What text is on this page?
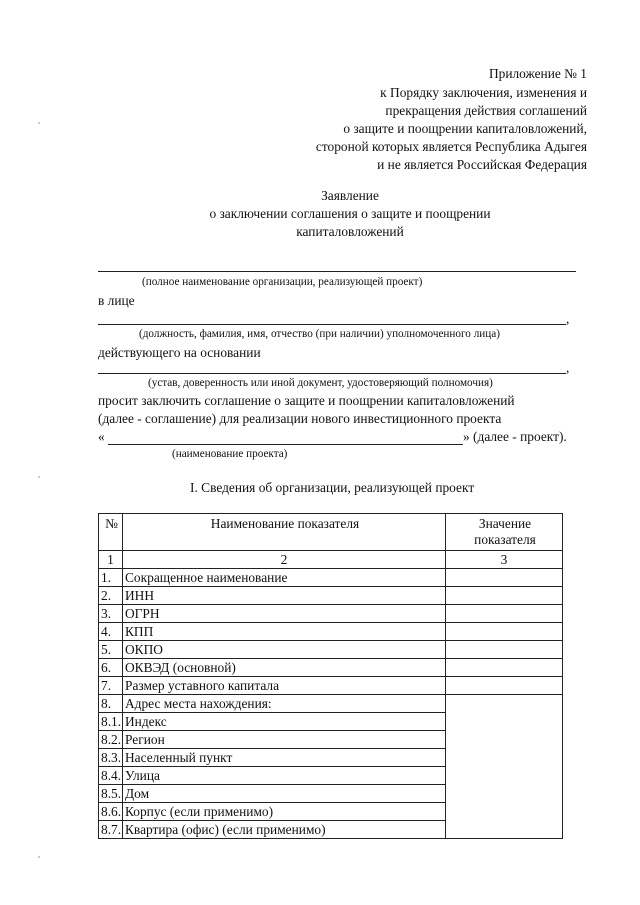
Приложение № 1
к Порядку заключения, изменения и
прекращения действия соглашений
о защите и поощрении капиталовложений,
стороной которых является Республика Адыгея
и не является Российская Федерация
Заявление
о заключении соглашения о защите и поощрении
капиталовложений
(полное наименование организации, реализующей проект)
в лице
,
(должность, фамилия, имя, отчество (при наличии) уполномоченного лица)
действующего на основании
,
(устав, доверенность или иной документ, удостоверяющий полномочия)
просит заключить соглашение о защите и поощрении капиталовложений
(далее - соглашение) для реализации нового инвестиционного проекта
«	» (далее - проект).
(наименование проекта)
I. Сведения об организации, реализующей проект
№	Наименование показателя	Значение
показателя

1	2	3
1.	Сокращенное наименование	
2.	ИНН	
3.	ОГРН	
4.	КПП	
5.	ОКПО	
6.	ОКВЭД (основной)	
7.	Размер уставного капитала	
8.	Адрес места нахождения:	
8.1.	Индекс	
8.2.	Регион	
8.3.	Населенный пункт	
8.4.	Улица	
8.5.	Дом	
8.6.	Корпус (если применимо)	
8.7.	Квартира (офис) (если применимо)	
